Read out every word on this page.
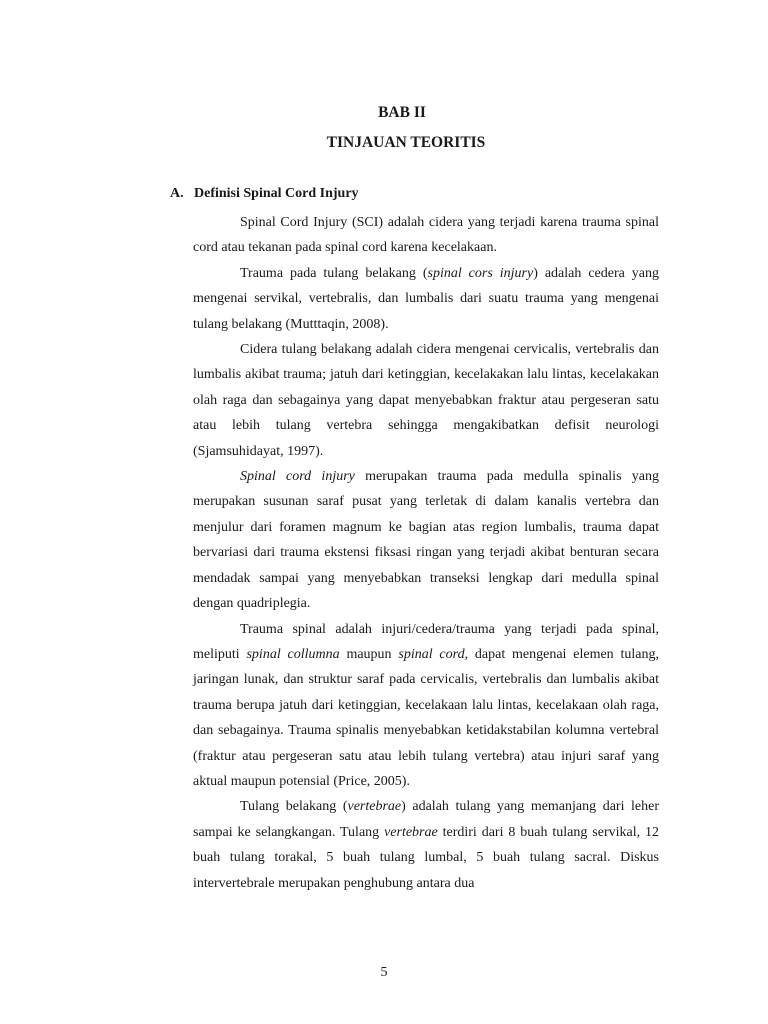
BAB II
TINJAUAN TEORITIS
A. Definisi Spinal Cord Injury

Spinal Cord Injury (SCI) adalah cidera yang terjadi karena trauma spinal cord atau tekanan pada spinal cord karena kecelakaan.

Trauma pada tulang belakang (spinal cors injury) adalah cedera yang mengenai servikal, vertebralis, dan lumbalis dari suatu trauma yang mengenai tulang belakang (Mutttaqin, 2008).

Cidera tulang belakang adalah cidera mengenai cervicalis, vertebralis dan lumbalis akibat trauma; jatuh dari ketinggian, kecelakakan lalu lintas, kecelakakan olah raga dan sebagainya yang dapat menyebabkan fraktur atau pergeseran satu atau lebih tulang vertebra sehingga mengakibatkan defisit neurologi (Sjamsuhidayat, 1997).

Spinal cord injury merupakan trauma pada medulla spinalis yang merupakan susunan saraf pusat yang terletak di dalam kanalis vertebra dan menjulur dari foramen magnum ke bagian atas region lumbalis, trauma dapat bervariasi dari trauma ekstensi fiksasi ringan yang terjadi akibat benturan secara mendadak sampai yang menyebabkan transeksi lengkap dari medulla spinal dengan quadriplegia.

Trauma spinal adalah injuri/cedera/trauma yang terjadi pada spinal, meliputi spinal collumna maupun spinal cord, dapat mengenai elemen tulang, jaringan lunak, dan struktur saraf pada cervicalis, vertebralis dan lumbalis akibat trauma berupa jatuh dari ketinggian, kecelakaan lalu lintas, kecelakaan olah raga, dan sebagainya. Trauma spinalis menyebabkan ketidakstabilan kolumna vertebral (fraktur atau pergeseran satu atau lebih tulang vertebra) atau injuri saraf yang aktual maupun potensial (Price, 2005).

Tulang belakang (vertebrae) adalah tulang yang memanjang dari leher sampai ke selangkangan. Tulang vertebrae terdiri dari 8 buah tulang servikal, 12 buah tulang torakal, 5 buah tulang lumbal, 5 buah tulang sacral. Diskus intervertebrale merupakan penghubung antara dua

5
